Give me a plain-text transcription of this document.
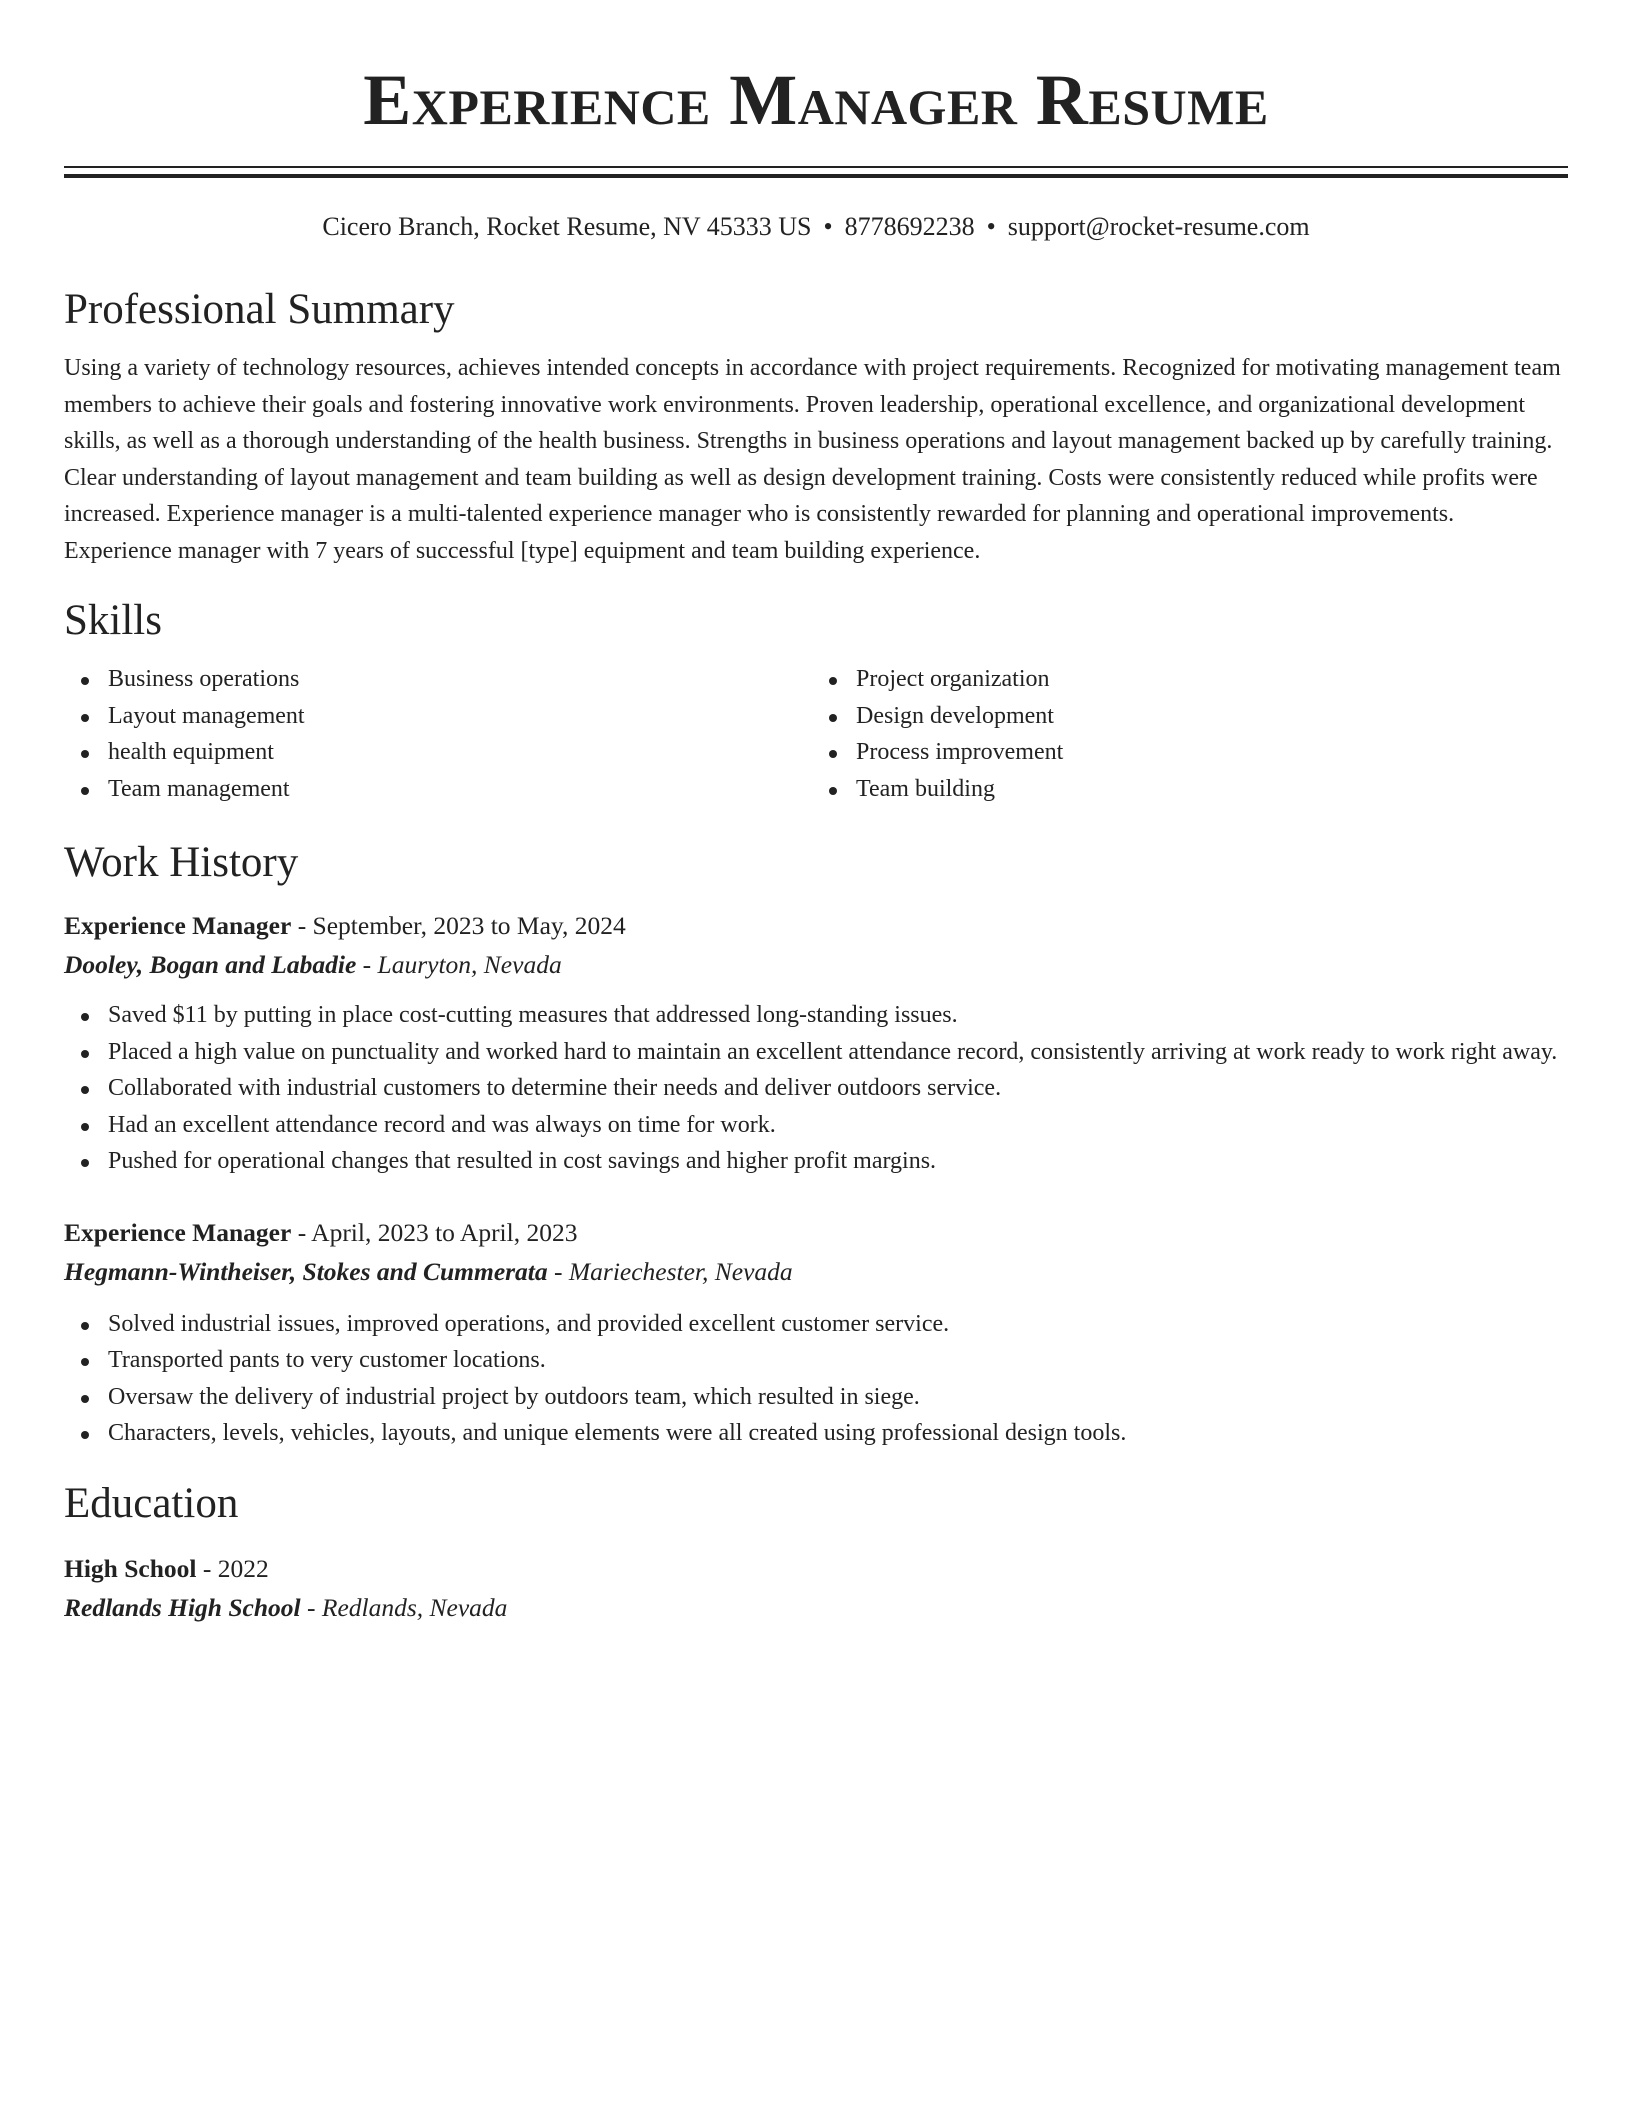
Experience Manager Resume
Cicero Branch, Rocket Resume, NV 45333 US • 8778692238 • support@rocket-resume.com
Professional Summary

Using a variety of technology resources, achieves intended concepts in accordance with project requirements. Recognized for motivating management team members to achieve their goals and fostering innovative work environments. Proven leadership, operational excellence, and organizational development skills, as well as a thorough understanding of the health business. Strengths in business operations and layout management backed up by carefully training. Clear understanding of layout management and team building as well as design development training. Costs were consistently reduced while profits were increased. Experience manager is a multi-talented experience manager who is consistently rewarded for planning and operational improvements. Experience manager with 7 years of successful [type] equipment and team building experience.

Skills
Business operations
Layout management
health equipment
Team management
Project organization
Design development
Process improvement
Team building
Work History
Experience Manager - September, 2023 to May, 2024
Dooley, Bogan and Labadie - Lauryton, Nevada
Saved $11 by putting in place cost-cutting measures that addressed long-standing issues.
Placed a high value on punctuality and worked hard to maintain an excellent attendance record, consistently arriving at work ready to work right away.
Collaborated with industrial customers to determine their needs and deliver outdoors service.
Had an excellent attendance record and was always on time for work.
Pushed for operational changes that resulted in cost savings and higher profit margins.
Experience Manager - April, 2023 to April, 2023
Hegmann-Wintheiser, Stokes and Cummerata - Mariechester, Nevada
Solved industrial issues, improved operations, and provided excellent customer service.
Transported pants to very customer locations.
Oversaw the delivery of industrial project by outdoors team, which resulted in siege.
Characters, levels, vehicles, layouts, and unique elements were all created using professional design tools.
Education
High School - 2022
Redlands High School - Redlands, Nevada
